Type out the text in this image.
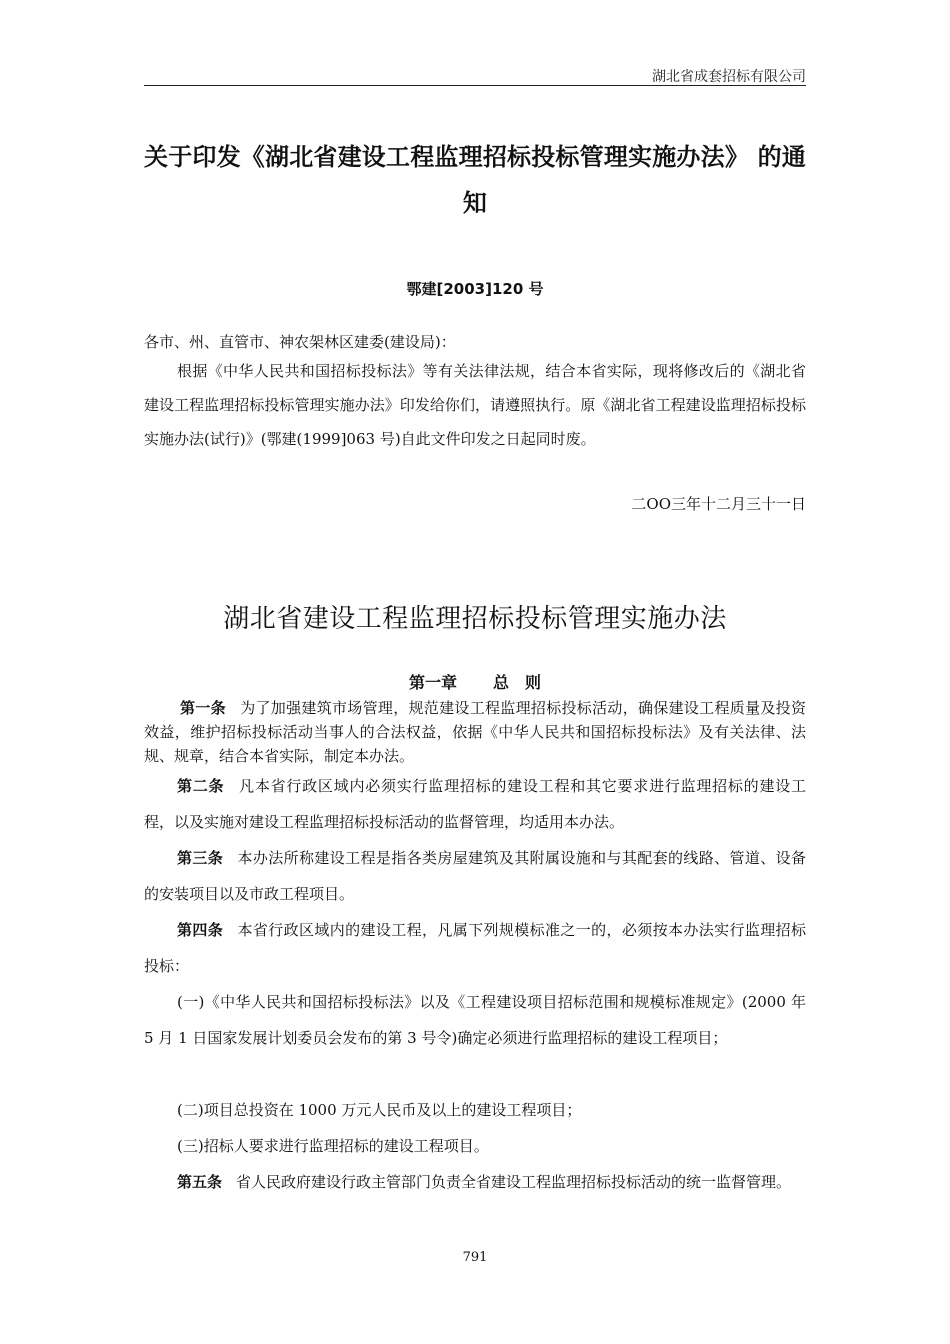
湖北省成套招标有限公司
关于印发《湖北省建设工程监理招标投标管理实施办法》 的通知
鄂建[2003]120 号

各市、州、直管市、神农架林区建委(建设局)：

根据《中华人民共和国招标投标法》等有关法律法规，结合本省实际，现将修改后的《湖北省建设工程监理招标投标管理实施办法》印发给你们，请遵照执行。原《湖北省工程建设监理招标投标实施办法(试行)》(鄂建(1999]063 号)自此文件印发之日起同时废。

二OO三年十二月三十一日
湖北省建设工程监理招标投标管理实施办法
第一章 总　则

第一条 为了加强建筑市场管理，规范建设工程监理招标投标活动，确保建设工程质量及投资效益，维护招标投标活动当事人的合法权益，依据《中华人民共和国招标投标法》及有关法律、法规、规章，结合本省实际，制定本办法。

第二条 凡本省行政区域内必须实行监理招标的建设工程和其它要求进行监理招标的建设工程，以及实施对建设工程监理招标投标活动的监督管理，均适用本办法。

第三条 本办法所称建设工程是指各类房屋建筑及其附属设施和与其配套的线路、管道、设备的安装项目以及市政工程项目。

第四条 本省行政区域内的建设工程，凡属下列规模标准之一的，必须按本办法实行监理招标投标：

(一)《中华人民共和国招标投标法》以及《工程建设项目招标范围和规模标准规定》(2000 年 5 月 1 日国家发展计划委员会发布的第 3 号令)确定必须进行监理招标的建设工程项目；

(二)项目总投资在 1000 万元人民币及以上的建设工程项目；

(三)招标人要求进行监理招标的建设工程项目。

第五条 省人民政府建设行政主管部门负责全省建设工程监理招标投标活动的统一监督管理。

791
